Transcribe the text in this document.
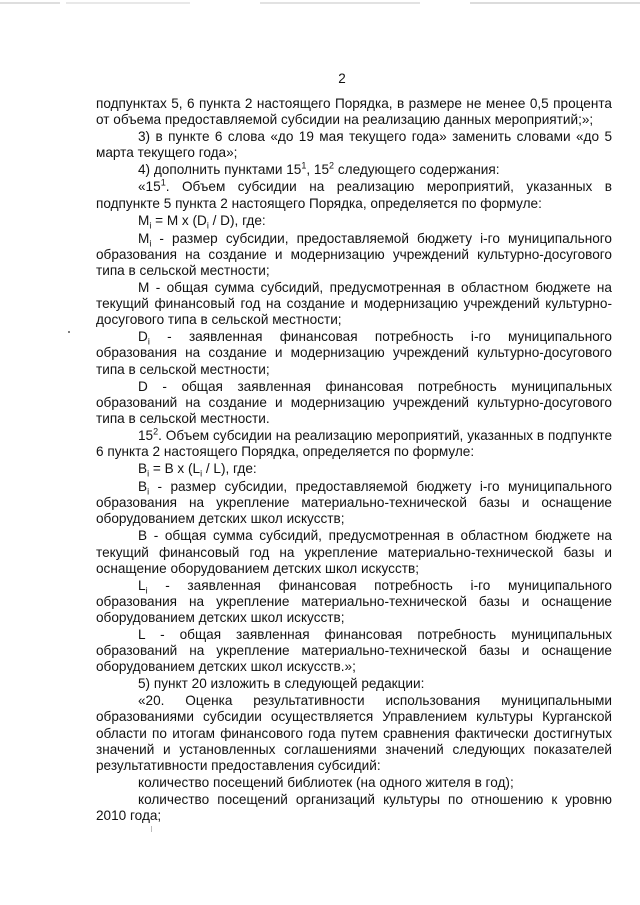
2

подпунктах 5, 6 пункта 2 настоящего Порядка, в размере не менее 0,5 процента от объема предоставляемой субсидии на реализацию данных мероприятий;»;

3) в пункте 6 слова «до 19 мая текущего года» заменить словами «до 5 марта текущего года»;

4) дополнить пунктами $15^1$, $15^2$ следующего содержания:

«$15^1$. Объем субсидии на реализацию мероприятий, указанных в подпункте 5 пункта 2 настоящего Порядка, определяется по формуле:

$M_i = M$ x $(D_i / D)$, где:

$M_i$ - размер субсидии, предоставляемой бюджету i-го муниципального образования на создание и модернизацию учреждений культурно-досугового типа в сельской местности;

M - общая сумма субсидий, предусмотренная в областном бюджете на текущий финансовый год на создание и модернизацию учреждений культурно-досугового типа в сельской местности;

$D_i$ - заявленная финансовая потребность i-го муниципального образования на создание и модернизацию учреждений культурно-досугового типа в сельской местности;

D - общая заявленная финансовая потребность муниципальных образований на создание и модернизацию учреждений культурно-досугового типа в сельской местности.

$15^2$. Объем субсидии на реализацию мероприятий, указанных в подпункте 6 пункта 2 настоящего Порядка, определяется по формуле:

$B_i = B$ x $(L_i / L)$, где:

$B_i$ - размер субсидии, предоставляемой бюджету i-го муниципального образования на укрепление материально-технической базы и оснащение оборудованием детских школ искусств;

B - общая сумма субсидий, предусмотренная в областном бюджете на текущий финансовый год на укрепление материально-технической базы и оснащение оборудованием детских школ искусств;

$L_i$ - заявленная финансовая потребность i-го муниципального образования на укрепление материально-технической базы и оснащение оборудованием детских школ искусств;

L - общая заявленная финансовая потребность муниципальных образований на укрепление материально-технической базы и оснащение оборудованием детских школ искусств.»;

5) пункт 20 изложить в следующей редакции:

«20. Оценка результативности использования муниципальными образованиями субсидии осуществляется Управлением культуры Курганской области по итогам финансового года путем сравнения фактически достигнутых значений и установленных соглашениями значений следующих показателей результативности предоставления субсидий:

количество посещений библиотек (на одного жителя в год);

количество посещений организаций культуры по отношению к уровню 2010 года;
